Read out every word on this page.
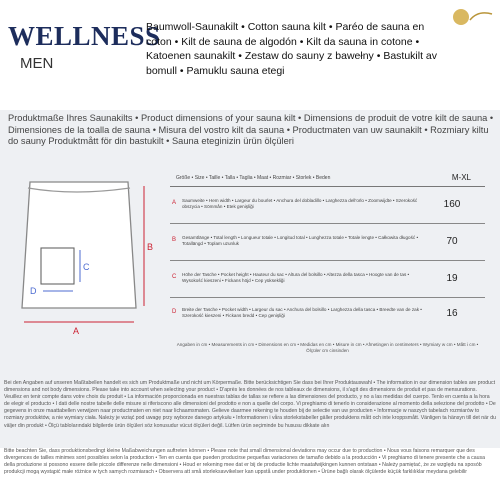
WELLNESS
MEN
Baumwoll-Saunakilt • Cotton sauna kilt • Paréo de sauna en coton • Kilt de sauna de algodón • Kilt da sauna in cotone • Katoenen saunakilt • Zestaw do sauny z bawełny • Bastukilt av bomull • Pamuklu sauna etegi
Produktmaße Ihres Saunakilts • Product dimensions of your sauna kilt • Dimensions de produit de votre kilt de sauna • Dimensiones de la toalla de sauna • Misura del vostro kilt da sauna • Productmaten van uw saunakilt • Rozmiary kiltu do sauny Produktmått för din bastukilt • Sauna eteginizin ürün ölçüleri
B
A
C
D
Größe • Size • Taille • Talla • Taglia • Maat • Rozmiar • Storlek • Beden	M-XL
A Saumweite • Hem width • Largeur du bourlet • Anchura del dobladillo • Larghezza dell'orlo • Zoomwijdte • Szerokość obszycia • Sömmån • Etek genişliği	160
B Gesamtlänge • Total length • Longueur totale • Longitud total • Lunghezza totale • Totale lengte • Całkowita długość • Totallängd • Toplam uzunluk	70
C Höhe der Tasche • Pocket height • Hauteur du sac • Altura del bolsillo • Altezza della tasca • Hoogte van de tas • Wysokość kieszeni • Fickans höjd • Cep yüksekliği	19
D Breite der Tasche • Pocket width • Largeur du sac • Anchura del bolsillo • Larghezza della tasca • Breedte van de zak • Szerokość kieszeni • Fickans bredd • Cep genişliği	16
Angaben in cm • Measurements in cm • Dimensions en cm • Medidas en cm • Misure in cm • Afmetingen in centimeters • Wymiary w cm • Mått i cm • Ölçüler cm cinsinden
Bei den Angaben auf unseren Maßtabellen handelt es sich um Produktmaße und nicht um Körpermaße. Bitte berücksichtigen Sie dass bei Ihrer Produktauswahl • The information in our dimension tables are product dimensions and not body dimensions. Please take into account when selecting your product • D'après les données de nos tableaux de dimensions, il s'agit des dimensions de produit et pas de mensurations. Veuillez en tenir compte dans votre choix du produit • La información proporcionada en nuestras tablas de tallas se refiere a las dimensiones del producto, y no a las medidas del cuerpo. Tenlo en cuenta a la hora de elegir el producto • I dati delle nostre tabelle delle misure si riferiscono alle dimensioni del prodotto e non a quelle del corpo. Vi preghiamo di tenerlo in considerazione al momento della selezione del prodotto • De gegevens in onze maattabellen verwijzen naar productmaten en niet naar lichaamsmaten. Gelieve daarmee rekening te houden bij de selectie van uw producten • Informacje w naszych tabelach rozmiarów to rozmiary produktów, a nie wymiary ciała. Należy je wziąć pod uwagę przy wyborze danego artykułu • Informationen i våra storlekstabeller gäller produktens mått och inte kroppsmått. Vänligen ta hänsyn till det när du väljer din produkt • Ölçü tablolarındaki bilgilerde ürün ölçüleri söz konusudur vücut ölçüleri değil. Lütfen ürün seçiminde bu hususu dikkate alın
Bitte beachten Sie, dass produktionsbedingt kleine Maßabweichungen auftreten können • Please note that small dimensional deviations may occur due to production • Nous vous faisons remarquer que des divergences de tailles minimes sont possibles selon la production • Ten en cuenta que pueden producirse pequeñas variaciones de tamaño debido a la producción • Vi preghiamo di tenere presente che a causa della produzione si possono essere delle piccole differenze nelle dimensioni • Houd er rekening mee dat er bij de productie lichte maatafwijkingen kunnen ontstaan • Należy pamiętać, że ze względu na sposób produkcji mogą wystąpić małe różnice w tych samych rozmiarach • Observera att små storleksavvikelser kan uppstå under produktionen • Ürüne bağlı olarak ölçülerde küçük farklılıklar meydana gelebilir
